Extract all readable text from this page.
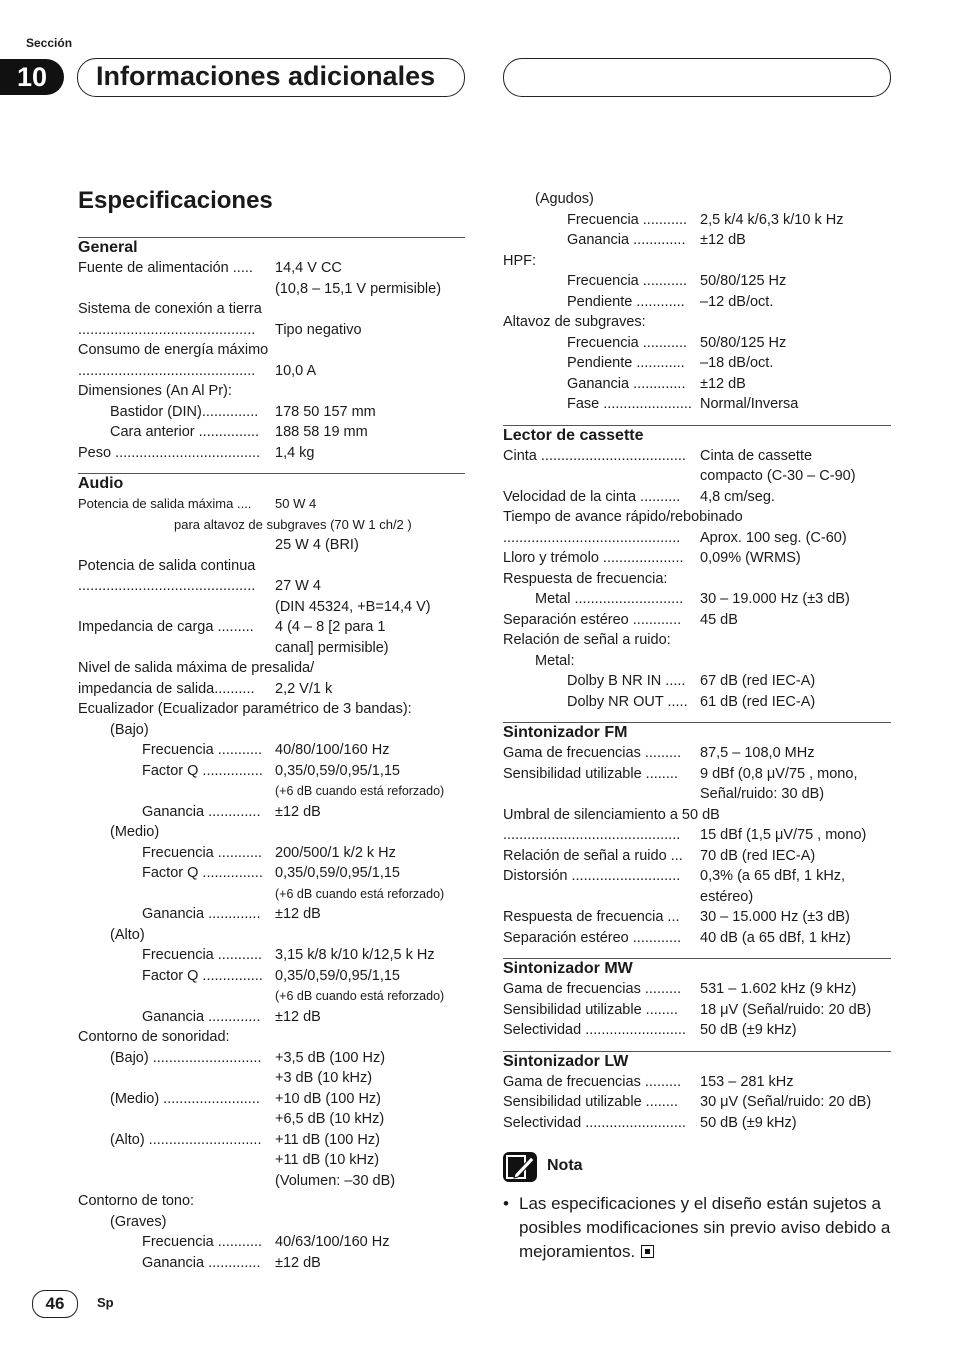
Sección
10	Informaciones adicionales
Especificaciones
General
Fuente de alimentación ..... 14,4 V CC
(10,8 – 15,1 V permisible)
Sistema de conexión a tierra
............................................ Tipo negativo
Consumo de energía máximo
............................................ 10,0 A
Dimensiones (An Al Pr):
Bastidor (DIN).............. 178 50 157 mm
Cara anterior ............... 188 58 19 mm
Peso .................................... 1,4 kg
Audio
Potencia de salida máxima .... 50 W 4
para altavoz de subgraves (70 W 1 ch/2 )
25 W 4 (BRI)
Potencia de salida continua
............................................ 27 W 4
(DIN 45324, +B=14,4 V)
Impedancia de carga ......... 4 (4 – 8 [2 para 1
canal] permisible)
Nivel de salida máxima de presalida/
impedancia de salida.......... 2,2 V/1 k
Ecualizador (Ecualizador paramétrico de 3 bandas):
(Bajo)
Frecuencia ........... 40/80/100/160 Hz
Factor Q ............... 0,35/0,59/0,95/1,15
(+6 dB cuando está reforzado)
Ganancia ............. ±12 dB
(Medio)
Frecuencia ........... 200/500/1 k/2 k Hz
Factor Q ............... 0,35/0,59/0,95/1,15
(+6 dB cuando está reforzado)
Ganancia ............. ±12 dB
(Alto)
Frecuencia ........... 3,15 k/8 k/10 k/12,5 k Hz
Factor Q ............... 0,35/0,59/0,95/1,15
(+6 dB cuando está reforzado)
Ganancia ............. ±12 dB
Contorno de sonoridad:
(Bajo) ........................... +3,5 dB (100 Hz)
+3 dB (10 kHz)
(Medio) ........................ +10 dB (100 Hz)
+6,5 dB (10 kHz)
(Alto) ............................ +11 dB (100 Hz)
+11 dB (10 kHz)
(Volumen: –30 dB)
Contorno de tono:
(Graves)
Frecuencia ........... 40/63/100/160 Hz
Ganancia ............. ±12 dB
(Agudos)
Frecuencia ........... 2,5 k/4 k/6,3 k/10 k Hz
Ganancia ............. ±12 dB
HPF:
Frecuencia ........... 50/80/125 Hz
Pendiente ............ –12 dB/oct.
Altavoz de subgraves:
Frecuencia ........... 50/80/125 Hz
Pendiente ............ –18 dB/oct.
Ganancia ............. ±12 dB
Fase ...................... Normal/Inversa
Lector de cassette
Cinta .................................... Cinta de cassette
compacto (C-30 – C-90)
Velocidad de la cinta .......... 4,8 cm/seg.
Tiempo de avance rápido/rebobinado
............................................ Aprox. 100 seg. (C-60)
Lloro y trémolo .................... 0,09% (WRMS)
Respuesta de frecuencia:
Metal ........................... 30 – 19.000 Hz (±3 dB)
Separación estéreo ............ 45 dB
Relación de señal a ruido:
Metal:
Dolby B NR IN ..... 67 dB (red IEC-A)
Dolby NR OUT ..... 61 dB (red IEC-A)
Sintonizador FM
Gama de frecuencias ......... 87,5 – 108,0 MHz
Sensibilidad utilizable ........ 9 dBf (0,8 μV/75 , mono,
Señal/ruido: 30 dB)
Umbral de silenciamiento a 50 dB
............................................ 15 dBf (1,5 μV/75 , mono)
Relación de señal a ruido ... 70 dB (red IEC-A)
Distorsión ........................... 0,3% (a 65 dBf, 1 kHz,
estéreo)
Respuesta de frecuencia ... 30 – 15.000 Hz (±3 dB)
Separación estéreo ............ 40 dB (a 65 dBf, 1 kHz)
Sintonizador MW
Gama de frecuencias ......... 531 – 1.602 kHz (9 kHz)
Sensibilidad utilizable ........ 18 μV (Señal/ruido: 20 dB)
Selectividad ......................... 50 dB (±9 kHz)
Sintonizador LW
Gama de frecuencias ......... 153 – 281 kHz
Sensibilidad utilizable ........ 30 μV (Señal/ruido: 20 dB)
Selectividad ......................... 50 dB (±9 kHz)
Nota
• Las especificaciones y el diseño están sujetos a posibles modificaciones sin previo aviso debido a mejoramientos.
46	Sp
